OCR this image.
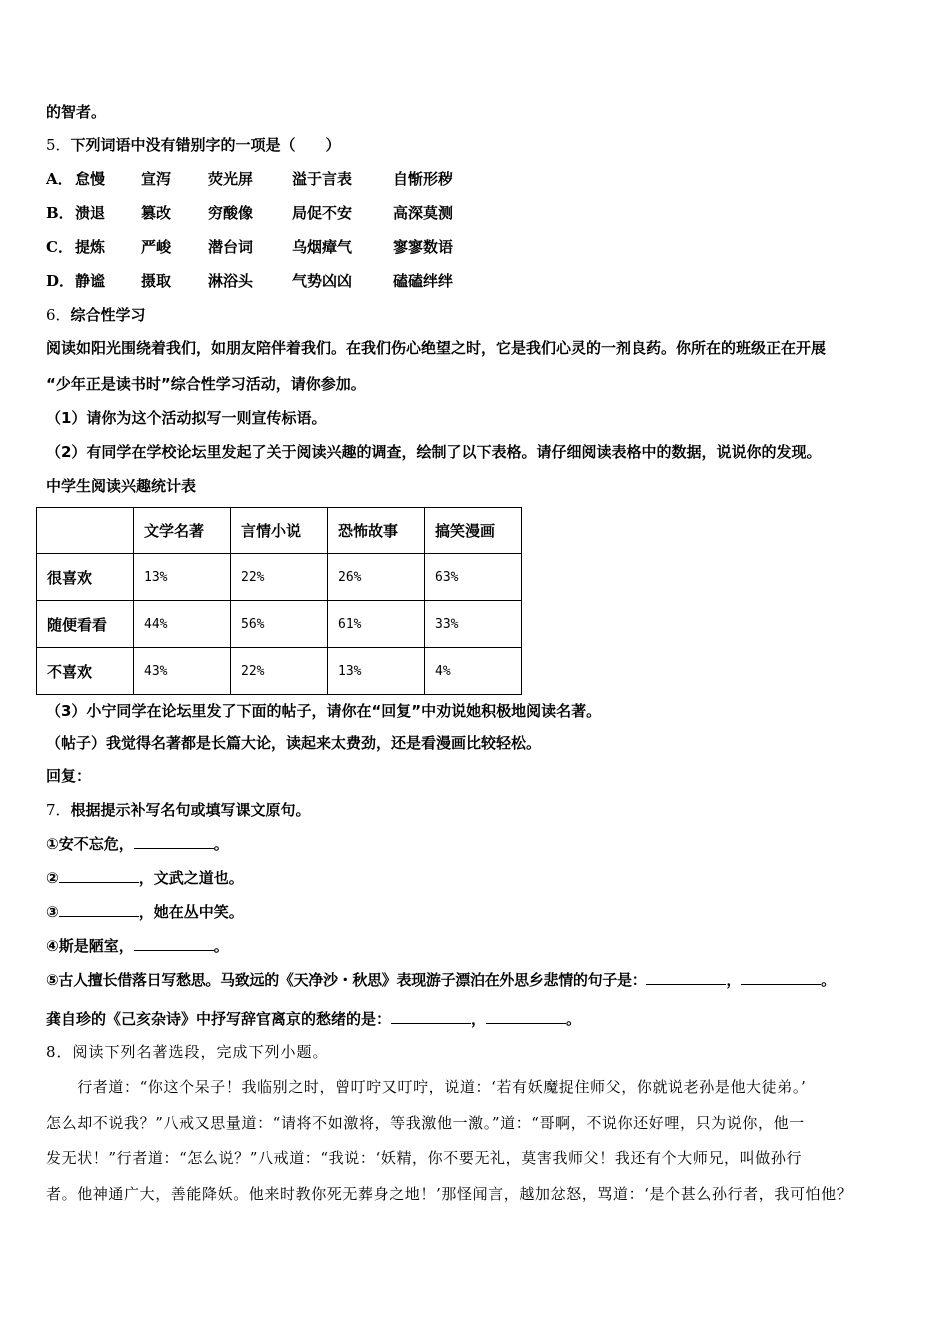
的智者。
5．下列词语中没有错别字的一项是（　　）
A． 怠慢 宣泻 荧光屏	溢于言表	自惭形秽
B． 溃退 篡改 穷酸像	局促不安	高深莫测
C． 提炼 严峻 潜台词	乌烟瘴气	寥寥数语
D． 静谧 摄取 淋浴头	气势凶凶	磕磕绊绊
6．综合性学习
阅读如阳光围绕着我们，如朋友陪伴着我们。在我们伤心绝望之时，它是我们心灵的一剂良药。你所在的班级正在开展
“少年正是读书时”综合性学习活动，请你参加。
（1）请你为这个活动拟写一则宣传标语。
（2）有同学在学校论坛里发起了关于阅读兴趣的调查，绘制了以下表格。请仔细阅读表格中的数据，说说你的发现。
中学生阅读兴趣统计表
	文学名著	言情小说	恐怖故事	搞笑漫画
很喜欢	13%	22%	26%	63%
随便看看	44%	56%	61%	33%
不喜欢	43%	22%	13%	4%
（3）小宁同学在论坛里发了下面的帖子，请你在“回复”中劝说她积极地阅读名著。
（帖子）我觉得名著都是长篇大论，读起来太费劲，还是看漫画比较轻松。
回复：
7．根据提示补写名句或填写课文原句。
①安不忘危，	。
②	，文武之道也。
③	，她在丛中笑。
④斯是陋室，	。
⑤古人擅长借落日写愁思。马致远的《天净沙・秋思》表现游子漂泊在外思乡悲情的句子是：	，	。
龚自珍的《己亥杂诗》中抒写辞官离京的愁绪的是：	，	。
8．阅读下列名著选段，完成下列小题。
　　行者道：“你这个呆子！我临别之时，曾叮咛又叮咛，说道：‘若有妖魔捉住师父，你就说老孙是他大徒弟。’
怎么却不说我？”八戒又思量道：“请将不如激将，等我激他一激。”道：“哥啊，不说你还好哩，只为说你，他一
发无状！”行者道：“怎么说？”八戒道：“我说：‘妖精，你不要无礼，莫害我师父！我还有个大师兄，叫做孙行
者。他神通广大，善能降妖。他来时教你死无葬身之地！’那怪闻言，越加忿怒，骂道：‘是个甚么孙行者，我可怕他？
